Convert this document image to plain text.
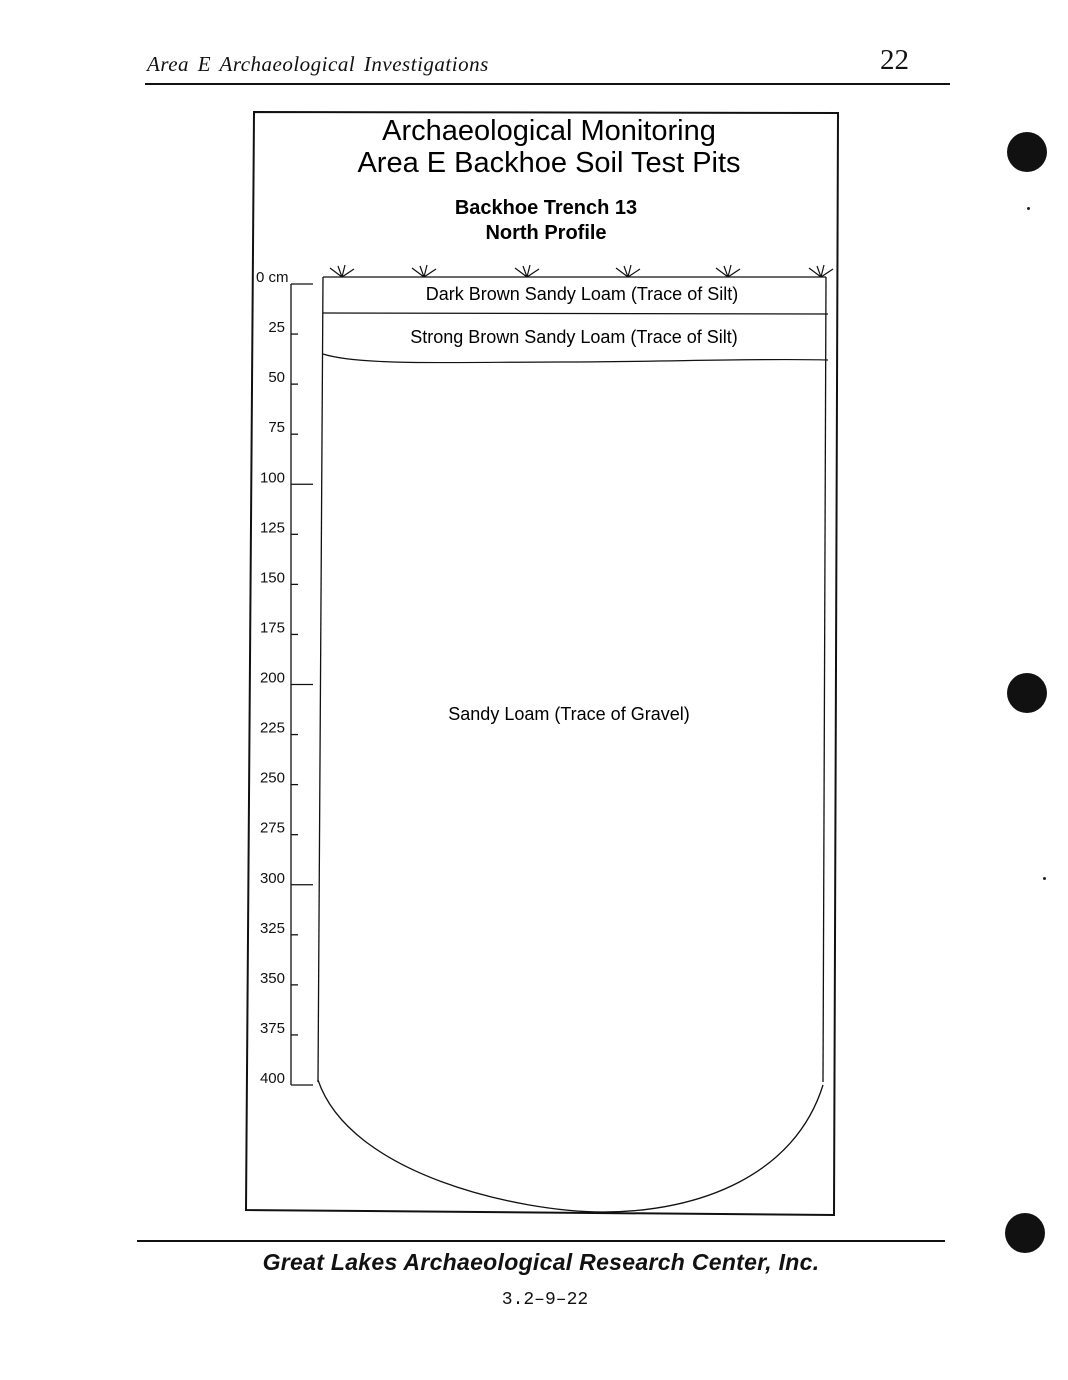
Area E Archaeological Investigations	22
Archaeological Monitoring
Area E Backhoe Soil Test Pits
Backhoe Trench 13
North Profile
Dark Brown Sandy Loam (Trace of Silt)
Strong Brown Sandy Loam (Trace of Silt)
Sandy Loam (Trace of Gravel)
0 cm
25
50
75
100
125
150
175
200
225
250
275
300
325
350
375
400
Great Lakes Archaeological Research Center, Inc.
3.2–9–22
